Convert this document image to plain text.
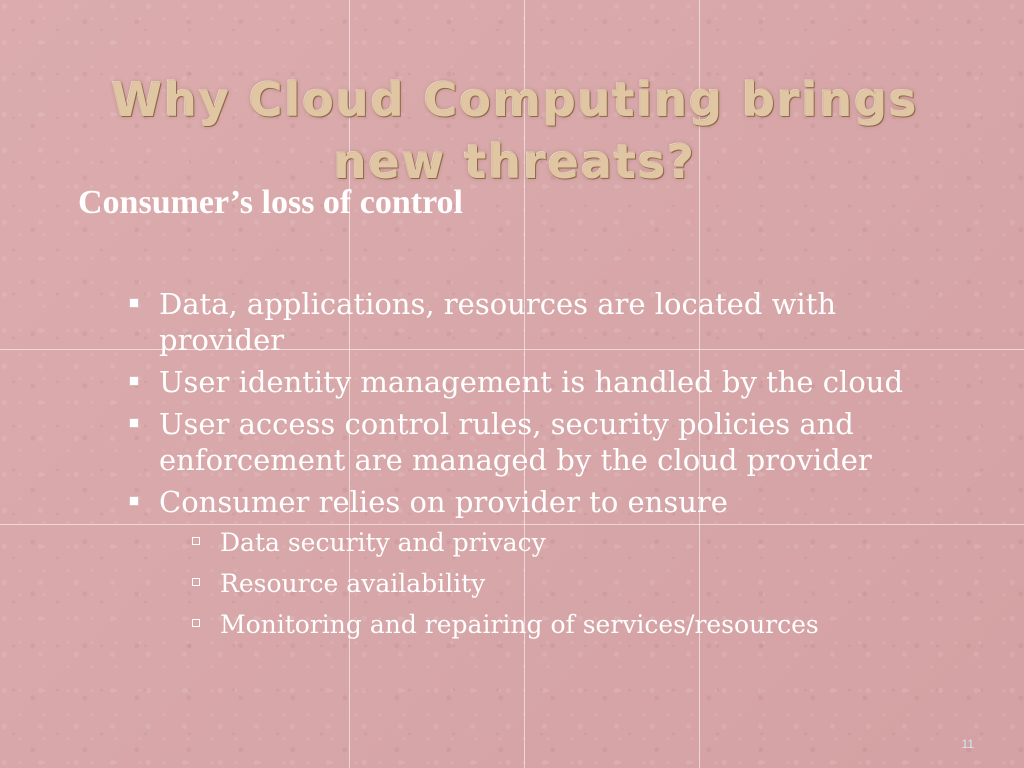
Why Cloud Computing brings new threats?
Consumer’s loss of control
Data, applications, resources are located with provider
User identity management is handled by the cloud
User access control rules, security policies and enforcement are managed by the cloud provider
Consumer relies on provider to ensure
Data security and privacy
Resource availability
Monitoring and repairing of services/resources
11
